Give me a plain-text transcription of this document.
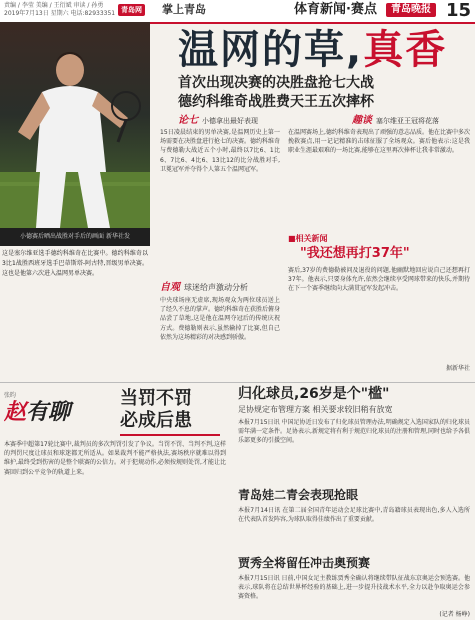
责编 / 李莹 美编 / 王衍斌 审读 / 孙勇
2019年7月13日 星期六 电话:82933351 青岛网 掌上青岛	体育新闻·赛点	青岛晚报 15
小德赛后晒出战胜对手后的画面 新华社发
这是塞尔维亚选手德约科维奇在比赛中。德约科维奇以3比1战胜西班牙选手巴蒂斯塔-阿古特,晋级男单决赛。这也是他第六次进入温网男单决赛。
温网的草,真香
首次出现决赛的决胜盘抢七大战
德约科维奇战胜费天王五次摔杯
论七 小德拿出最好表现
15日凌晨结束的男单决赛,是温网历史上第一场需要在决胜盘进行抢七的决赛。德约科维奇与费德勒大战近五个小时,最终以7比6、1比6、7比6、4比6、13比12的比分战胜对手,卫冕冠军并夺得个人第五个温网冠军。
趣谈 塞尔维亚王冠将花落
在温网赛场上,德约科维奇表现出了顽强的意志品质。他在比赛中多次挽救赛点,用一记记精准的击球征服了全场观众。赛后他表示:这是我职业生涯最艰难的一场比赛,能够在这里再次捧杯让我非常激动。
自观 球迷给声激动分析
中央球场座无虚席,现场观众为两位球员送上了经久不息的掌声。德约科维奇在获胜后俯身品尝了草地,这是他在温网夺冠后的传统庆祝方式。费德勒则表示,虽然输掉了比赛,但自己依然为这场精彩的对决感到骄傲。
■相关新闻
"我还想再打37年"
赛后,37岁的费德勒被问及退役的问题,他幽默地回应说自己还想再打37年。他表示,只要身体允许,依然会继续享受网球带来的快乐,并期待在下一个赛季继续向大满贯冠军发起冲击。
据新华社
张昀
赵有聊
当罚不罚
必成后患
本赛季中超第17轮比赛中,裁判员的多次判罚引发了争议。当罚不罚、当判不判,这样的判罚尺度让球员和球迷都无所适从。如果裁判不能严格执法,赛场秩序就难以得到维护,最终受到伤害的是整个联赛的公信力。对于犯规动作,必须按规则处罚,才能让比赛回归到公平竞争的轨道上来。
归化球员,26岁是个"槛"
足协规定布管理方案 相关要求较旧稍有放宽
本报7月15日讯 中国足协近日发布了归化球员管理办法,明确规定入选国家队的归化球员需年满一定条件。足协表示,新规定将有利于规范归化球员的注册和管理,同时也给予各俱乐部更多的引援空间。
青岛娃二青会表现抢眼
本报7月14日讯 在第二届全国青年运动会足球比赛中,青岛籍球员表现出色,多人入选所在代表队首发阵容,为球队取得佳绩作出了重要贡献。
贾秀全将留任冲击奥预赛
本报7月15日讯 日前,中国女足主教练贾秀全确认将继续带队征战东京奥运会预选赛。他表示,球队将在总结世界杯经验的基础上,进一步提升技战术水平,全力以赴争取奥运会参赛资格。
(记者 杨峥)
